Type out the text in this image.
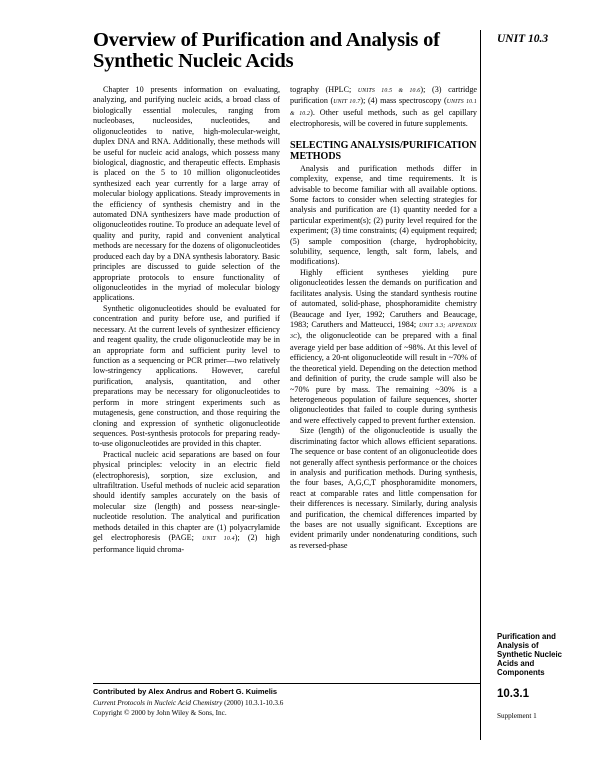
Overview of Purification and Analysis of Synthetic Nucleic Acids
UNIT 10.3

Chapter 10 presents information on evaluating, analyzing, and purifying nucleic acids, a broad class of biologically essential molecules, ranging from nucleobases, nucleosides, nucleotides, and oligonucleotides to native, high-molecular-weight, duplex DNA and RNA. Additionally, these methods will be useful for nucleic acid analogs, which possess many biological, diagnostic, and therapeutic effects. Emphasis is placed on the 5 to 10 million oligonucleotides synthesized each year currently for a large array of molecular biology applications. Steady improvements in the efficiency of synthesis chemistry and in the automated DNA synthesizers have made production of oligonucleotides routine. To produce an adequate level of quality and purity, rapid and convenient analytical methods are necessary for the dozens of oligonucleotides produced each day by a DNA synthesis laboratory. Basic principles are discussed to guide selection of the appropriate protocols to ensure functionality of oligonucleotides in the myriad of molecular biology applications.

Synthetic oligonucleotides should be evaluated for concentration and purity before use, and purified if necessary. At the current levels of synthesizer efficiency and reagent quality, the crude oligonucleotide may be in an appropriate form and sufficient purity level to function as a sequencing or PCR primer—two relatively low-stringency applications. However, careful purification, analysis, quantitation, and other preparations may be necessary for oligonucleotides to perform in more stringent experiments such as mutagenesis, gene construction, and those requiring the cloning and expression of synthetic oligonucleotide sequences. Post-synthesis protocols for preparing ready-to-use oligonucleotides are provided in this chapter.

Practical nucleic acid separations are based on four physical principles: velocity in an electric field (electrophoresis), sorption, size exclusion, and ultrafiltration. Useful methods of nucleic acid separation should identify samples accurately on the basis of molecular size (length) and possess near-single-nucleotide resolution. The analytical and purification methods detailed in this chapter are (1) polyacrylamide gel electrophoresis (PAGE; UNIT 10.4); (2) high performance liquid chroma-

tography (HPLC; UNITS 10.5 & 10.6); (3) cartridge purification (UNIT 10.7); (4) mass spectroscopy (UNITS 10.1 & 10.2). Other useful methods, such as gel capillary electrophoresis, will be covered in future supplements.

SELECTING ANALYSIS/PURIFICATION METHODS

Analysis and purification methods differ in complexity, expense, and time requirements. It is advisable to become familiar with all available options. Some factors to consider when selecting strategies for analysis and purification are (1) quantity needed for a particular experiment(s); (2) purity level required for the experiment; (3) time constraints; (4) equipment required; (5) sample composition (charge, hydrophobicity, solubility, sequence, length, salt form, labels, and modifications).

Highly efficient syntheses yielding pure oligonucleotides lessen the demands on purification and facilitates analysis. Using the standard synthesis routine of automated, solid-phase, phosphoramidite chemistry (Beaucage and Iyer, 1992; Caruthers and Beaucage, 1983; Caruthers and Matteucci, 1984; UNIT 3.3; APPENDIX 3C), the oligonucleotide can be prepared with a final average yield per base addition of ~98%. At this level of efficiency, a 20-nt oligonucleotide will result in ~70% of the theoretical yield. Depending on the detection method and definition of purity, the crude sample will also be ~70% pure by mass. The remaining ~30% is a heterogeneous population of failure sequences, shorter oligonucleotides that failed to couple during synthesis and were effectively capped to prevent further extension.

Size (length) of the oligonucleotide is usually the discriminating factor which allows efficient separations. The sequence or base content of an oligonucleotide does not generally affect synthesis performance or the choices in analysis and purification methods. During synthesis, the four bases, A,G,C,T phosphoramidite monomers, react at comparable rates and little compensation for their differences is necessary. Similarly, during analysis and purification, the chemical differences imparted by the bases are not usually significant. Exceptions are evident primarily under nondenaturing conditions, such as reversed-phase

Purification and
Analysis of
Synthetic Nucleic
Acids and
Components
Contributed by Alex Andrus and Robert G. Kuimelis
Current Protocols in Nucleic Acid Chemistry (2000) 10.3.1-10.3.6
Copyright © 2000 by John Wiley & Sons, Inc.
10.3.1
Supplement 1
